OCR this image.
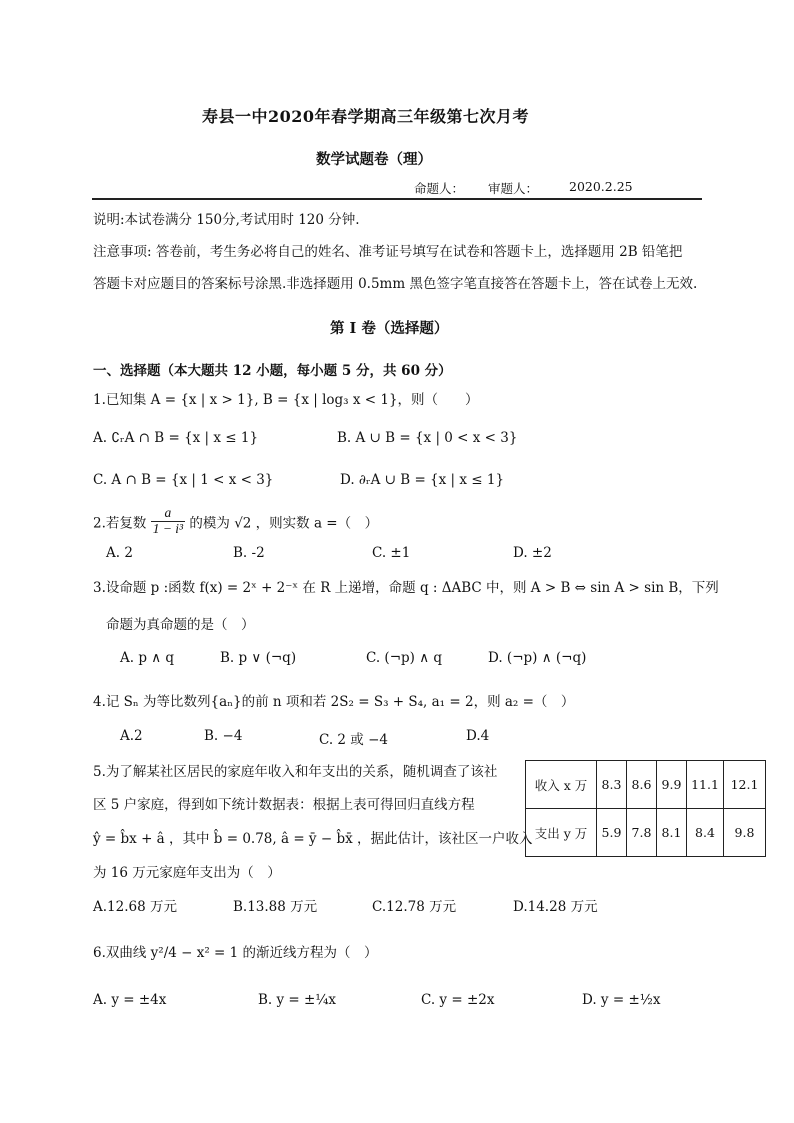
寿县一中2020年春学期高三年级第七次月考
数学试题卷（理）
命题人： 审题人： 2020.2.25
说明:本试卷满分 150分,考试用时 120 分钟.
注意事项: 答卷前，考生务必将自己的姓名、准考证号填写在试卷和答题卡上，选择题用 2B 铅笔把
答题卡对应题目的答案标号涂黑.非选择题用 0.5mm 黑色签字笔直接答在答题卡上，答在试卷上无效.
第 I 卷（选择题）
一、选择题（本大题共 12 小题，每小题 5 分，共 60 分）
1.已知集 A = {x | x > 1}, B = {x | log₃ x < 1}，则（　　）
A. ∁ᵣA ∩ B = {x | x ≤ 1}	B. A ∪ B = {x | 0 < x < 3}
C. A ∩ B = {x | 1 < x < 3}	D. ∂ᵣA ∪ B = {x | x ≤ 1}
2.若复数 $\frac{a}{\text{1 − i³}}$ 的模为 √2 ，则实数 a =（　）
A. 2	B. -2	C. ±1	D. ±2
3.设命题 p :函数 f(x) = 2ˣ + 2⁻ˣ 在 R 上递增，命题 q : ΔABC 中，则 A > B ⇔ sin A > sin B，下列
命题为真命题的是（　）
A. p ∧ q	B. p ∨ (¬q)	C. (¬p) ∧ q	D. (¬p) ∧ (¬q)
4.记 Sₙ 为等比数列{aₙ}的前 n 项和若 2S₂ = S₃ + S₄, a₁ = 2，则 a₂ =（　）
A.2	B. −4	C. 2 或 −4	D.4
5.为了解某社区居民的家庭年收入和年支出的关系，随机调查了该社
区 5 户家庭，得到如下统计数据表：根据上表可得回归直线方程
ŷ = b̂x + â ，其中 b̂ = 0.78, â = ȳ − b̂x̄ ，据此估计，该社区一户收入
为 16 万元家庭年支出为（　）
收入 x 万	8.3	8.6	9.9	11.1	12.1
支出 y 万	5.9	7.8	8.1	8.4	9.8
A.12.68 万元	B.13.88 万元	C.12.78 万元	D.14.28 万元
6.双曲线 y²/4 − x² = 1 的渐近线方程为（　）
A. y = ±4x	B. y = ±¼x	C. y = ±2x	D. y = ±½x
